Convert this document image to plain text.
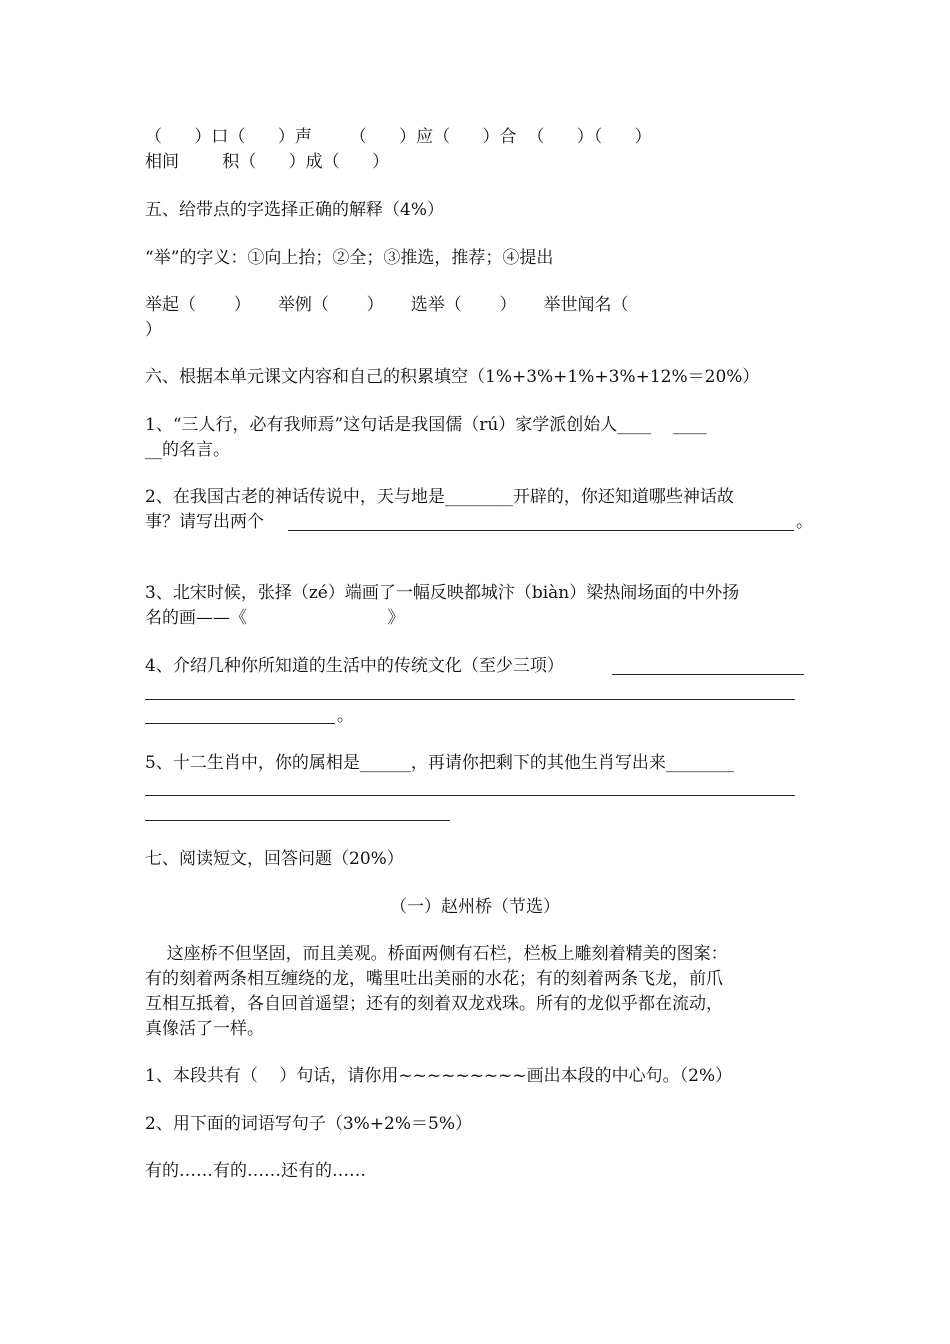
（      ）口（      ）声       （      ）应（      ）合  （      ）（      ）
相间        积（      ）成（      ）
五、给带点的字选择正确的解释（4%）
“举”的字义：①向上抬；②全；③推选，推荐；④提出
举起（       ）     举例（       ）     选举（       ）     举世闻名（
）
六、根据本单元课文内容和自己的积累填空（1%+3%+1%+3%+12%＝20%）
1、“三人行，必有我师焉”这句话是我国儒（rú）家学派创始人____    ____
__的名言。
2、在我国古老的神话传说中，天与地是________开辟的，你还知道哪些神话故
事？请写出两个	。
3、北宋时候，张择（zé）端画了一幅反映都城汴（biàn）梁热闹场面的中外扬
名的画——《                          》
4、介绍几种你所知道的生活中的传统文化（至少三项）
。
5、十二生肖中，你的属相是______，再请你把剩下的其他生肖写出来________
七、阅读短文，回答问题（20%）
（一）赵州桥（节选）
这座桥不但坚固，而且美观。桥面两侧有石栏，栏板上雕刻着精美的图案：
有的刻着两条相互缠绕的龙，嘴里吐出美丽的水花；有的刻着两条飞龙，前爪
互相互抵着，各自回首遥望；还有的刻着双龙戏珠。所有的龙似乎都在流动，
真像活了一样。
1、本段共有（    ）句话，请你用~~~~~~~~~画出本段的中心句。（2%）
2、用下面的词语写句子（3%+2%＝5%）
有的……有的……还有的……
